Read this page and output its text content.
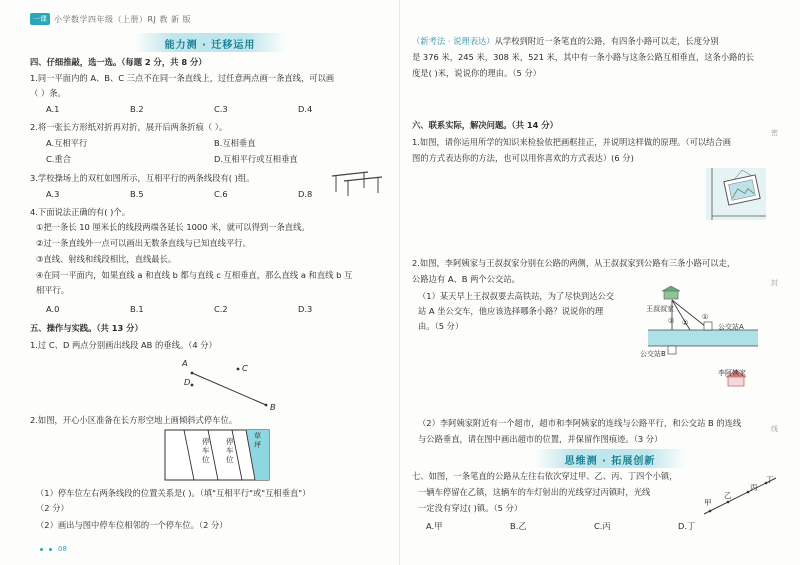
一课 小学数学四年级（上册）RJ 教 新 版
能力测 · 迁移运用
四、仔细推敲，选一选。（每题 2 分，共 8 分）
1.同一平面内的 A、B、C 三点不在同一条直线上，过任意两点画一条直线，可以画
（ ）条。
A.1	B.2	C.3	D.4
2.将一张长方形纸对折再对折，展开后两条折痕（ ）。
A.互相平行	B.互相垂直
C.重合	D.互相平行或互相垂直
3.学校操场上的双杠如图所示，互相平行的两条线段有( )组。
A.3	B.5	C.6	D.8
4.下面说法正确的有( )个。
①把一条长 10 厘米长的线段两端各延长 1000 米，就可以得到一条直线。
②过一条直线外一点可以画出无数条直线与已知直线平行。
③直线、射线和线段相比，直线最长。
④在同一平面内，如果直线 a 和直线 b 都与直线 c 互相垂直，那么直线 a 和直线 b 互
相平行。
A.0	B.1	C.2	D.3
五、操作与实践。（共 13 分）
1.过 C、D 两点分别画出线段 AB 的垂线。（4 分）
A
B
C
D
2.如图，开心小区准备在长方形空地上画倾斜式停车位。
停车位
停车位
草坪
（1）停车位左右两条线段的位置关系是( )。（填"互相平行"或"互相垂直"）
（2 分）
（2）画出与图中停车位相邻的一个停车位。（2 分）
08
（新考法 · 说理表达）从学校到附近一条笔直的公路，有四条小路可以走，长度分别
是 376 米，245 米，308 米，521 米，其中有一条小路与这条公路互相垂直，这条小路的长
度是( )米，说说你的理由。（5 分）
六、联系实际，解决问题。（共 14 分）
1.如图，请你运用所学的知识来检验依把画框挂正，并说明这样做的原理。（可以结合画
图的方式表达你的方法，也可以用你喜欢的方式表达）(6 分)
2.如图，李阿姨家与王叔叔家分别在公路的两侧，从王叔叔家到公路有三条小路可以走，
公路边有 A、B 两个公交站。
（1）某天早上王叔叔要去高铁站，为了尽快到达公交
站 A 坐公交车，他应该选择哪条小路？说说你的理
由。（5 分）
王叔叔家
③ ②
①
公交站A
公交站B
李阿姨家
（2）李阿姨家附近有一个超市，超市和李阿姨家的连线与公路平行，和公交站 B 的连线
与公路垂直，请在图中画出超市的位置，并保留作图痕迹。（3 分）
思维测 · 拓展创新
七、如图，一条笔直的公路从左往右依次穿过甲、乙、丙、丁四个小镇，
一辆车停留在乙镇，这辆车的车灯射出的光线穿过丙镇时，光线
一定没有穿过( )镇。（5 分）
A.甲	B.乙	C.丙	D.丁
甲
乙
丙
丁
密
封
线
